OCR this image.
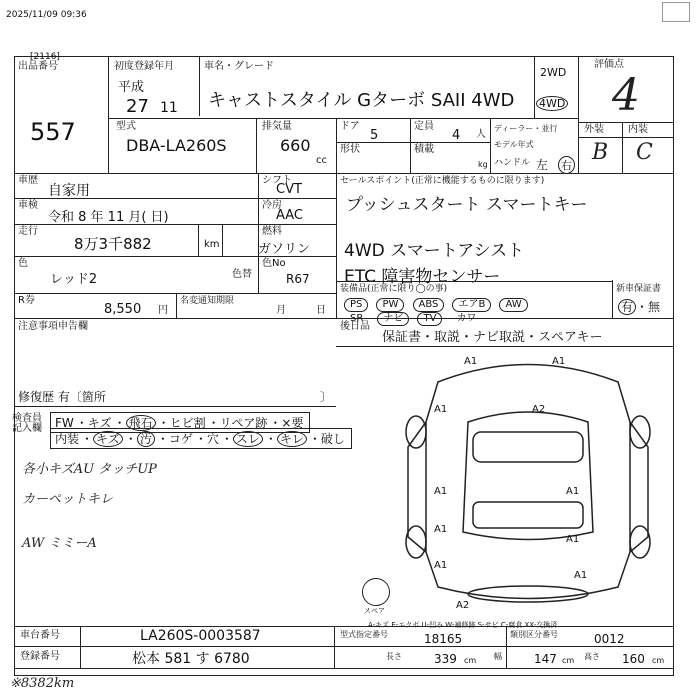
2025/11/09 09:36
[2116]
出品番号
557
初度登録年月
平成
27 11
車名・グレード
キャストスタイル Gターボ SAII 4WD
2WD
4WD
評価点
4
外装 内装
B C
型式
DBA-LA260S
排気量
660
cc
ドア
5
定員
4 人
ディーラー・並行
形状	積載
kg
モデル年式
ハンドル 左 右
車歴
自家用
車検
令和 8 年 11 月( 日)
走行
8万3千882	km
色
レッド2	色替
シフト
CVT
冷房
AAC
燃料
ガソリン
色No
R67
R券
8,550 円
名変通知期限
月	日
セールスポイント(正常に機能するものに限ります)
プッシュスタート スマートキー
4WD スマートアシスト
ETC 障害物センサー
新車保証書
有 ・無
装備品(正常に限り◯の事)
PS PW ABS エアB AW
SR ナビ TV カワ
後日品
保証書・取説・ナビ取説・スペアキー
注意事項申告欄
修復歴 有〔箇所	〕
検査員記入欄	FW ・キズ ・ 飛石 ・ヒビ割 ・リペア跡 ・×要
内装 ・ キズ ・ 汚 ・コゲ ・穴 ・ スレ ・ キレ ・破し
各小キズAU タッチUP
カーペットキレ
AW ミミーA
A1	A1
A1	A2
A1	A1
A1
A1
A1
A1
A2
スペア
A-キズ E-エクボ U-凹み W-補修跡 S-サビ C-腐食 XX-交換済
車台番号	LA260S-0003587
登録番号	松本 581 す 6780
型式指定番号	18165	類別区分番号	0012
長さ	339 cm 幅	147 cm 高さ 160 cm
※8382km
